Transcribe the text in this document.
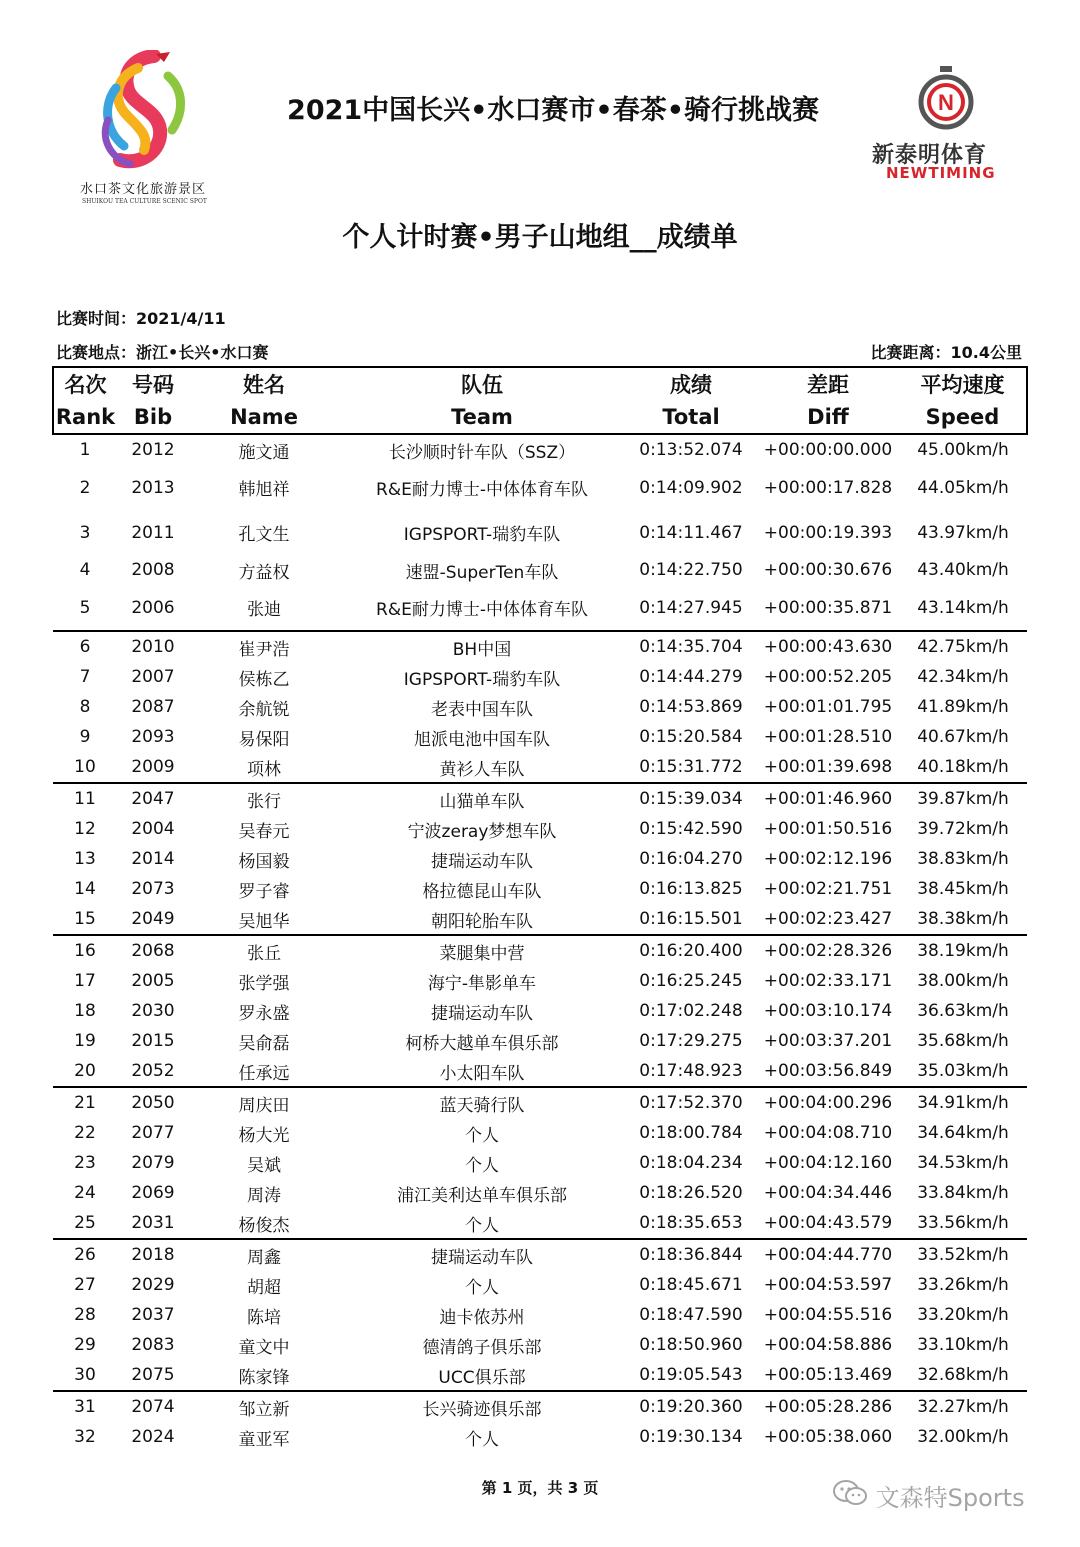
水口茶文化旅游景区
SHUIKOU TEA CULTURE SCENIC SPOT
2021中国长兴•水口赛市•春茶•骑行挑战赛	N
新泰明体育
NEWTIMING
个人计时赛•男子山地组__成绩单
比赛时间：2021/4/11
比赛地点：浙江•长兴•水口赛	比赛距离：10.4公里
名次	号码	姓名	队伍	成绩	差距	平均速度
Rank	Bib	Name	Team	Total	Diff	Speed
1	2012	施文通	长沙顺时针车队（SSZ）	0:13:52.074	+00:00:00.000	45.00km/h
2	2013	韩旭祥	R&E耐力博士-中体体育车队	0:14:09.902	+00:00:17.828	44.05km/h
3	2011	孔文生	IGPSPORT-瑞豹车队	0:14:11.467	+00:00:19.393	43.97km/h
4	2008	方益权	速盟-SuperTen车队	0:14:22.750	+00:00:30.676	43.40km/h
5	2006	张迪	R&E耐力博士-中体体育车队	0:14:27.945	+00:00:35.871	43.14km/h
6	2010	崔尹浩	BH中国	0:14:35.704	+00:00:43.630	42.75km/h
7	2007	侯栋乙	IGPSPORT-瑞豹车队	0:14:44.279	+00:00:52.205	42.34km/h
8	2087	余航锐	老表中国车队	0:14:53.869	+00:01:01.795	41.89km/h
9	2093	易保阳	旭派电池中国车队	0:15:20.584	+00:01:28.510	40.67km/h
10	2009	项林	黄衫人车队	0:15:31.772	+00:01:39.698	40.18km/h
11	2047	张行	山猫单车队	0:15:39.034	+00:01:46.960	39.87km/h
12	2004	吴春元	宁波zeray梦想车队	0:15:42.590	+00:01:50.516	39.72km/h
13	2014	杨国毅	捷瑞运动车队	0:16:04.270	+00:02:12.196	38.83km/h
14	2073	罗子睿	格拉德昆山车队	0:16:13.825	+00:02:21.751	38.45km/h
15	2049	吴旭华	朝阳轮胎车队	0:16:15.501	+00:02:23.427	38.38km/h
16	2068	张丘	菜腿集中营	0:16:20.400	+00:02:28.326	38.19km/h
17	2005	张学强	海宁-隼影单车	0:16:25.245	+00:02:33.171	38.00km/h
18	2030	罗永盛	捷瑞运动车队	0:17:02.248	+00:03:10.174	36.63km/h
19	2015	吴俞磊	柯桥大越单车俱乐部	0:17:29.275	+00:03:37.201	35.68km/h
20	2052	任承远	小太阳车队	0:17:48.923	+00:03:56.849	35.03km/h
21	2050	周庆田	蓝天骑行队	0:17:52.370	+00:04:00.296	34.91km/h
22	2077	杨大光	个人	0:18:00.784	+00:04:08.710	34.64km/h
23	2079	吴斌	个人	0:18:04.234	+00:04:12.160	34.53km/h
24	2069	周涛	浦江美利达单车俱乐部	0:18:26.520	+00:04:34.446	33.84km/h
25	2031	杨俊杰	个人	0:18:35.653	+00:04:43.579	33.56km/h
26	2018	周鑫	捷瑞运动车队	0:18:36.844	+00:04:44.770	33.52km/h
27	2029	胡超	个人	0:18:45.671	+00:04:53.597	33.26km/h
28	2037	陈培	迪卡侬苏州	0:18:47.590	+00:04:55.516	33.20km/h
29	2083	童文中	德清鸽子俱乐部	0:18:50.960	+00:04:58.886	33.10km/h
30	2075	陈家锋	UCC俱乐部	0:19:05.543	+00:05:13.469	32.68km/h
31	2074	邹立新	长兴骑迹俱乐部	0:19:20.360	+00:05:28.286	32.27km/h
32	2024	童亚军	个人	0:19:30.134	+00:05:38.060	32.00km/h
第 1 页，共 3 页	文森特Sports
